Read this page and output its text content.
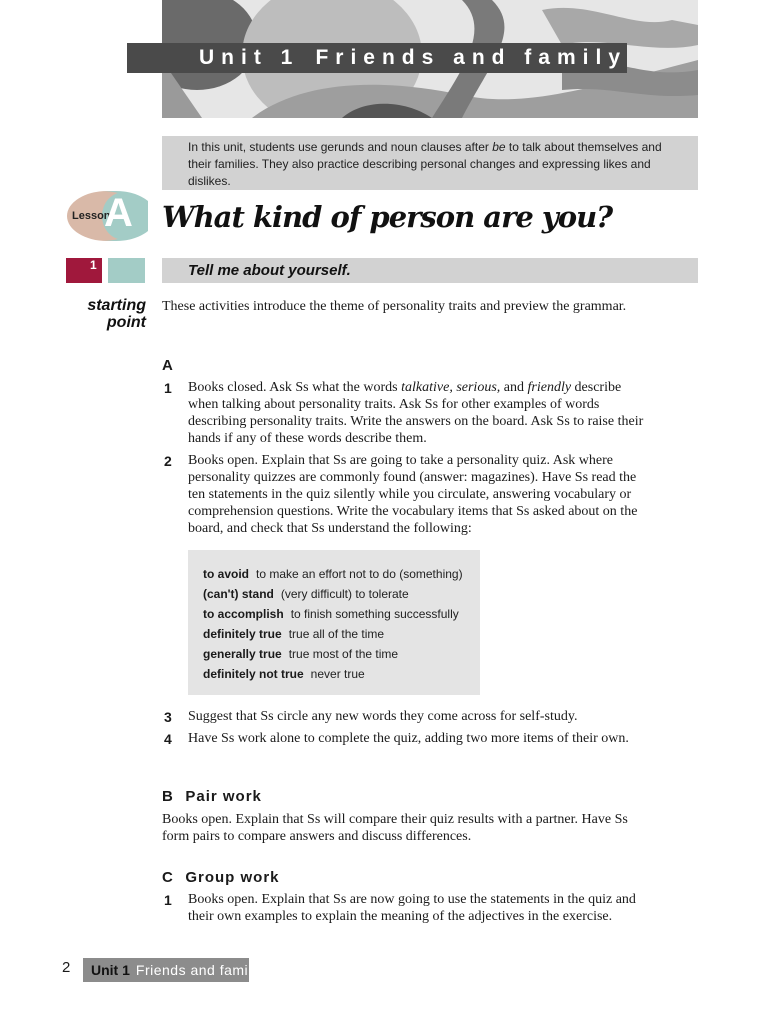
Unit 1 Friends and family
In this unit, students use gerunds and noun clauses after be to talk about themselves and their families. They also practice describing personal changes and expressing likes and dislikes.
Lesson
A What kind of person are you?
1	Tell me about yourself.
starting
point
These activities introduce the theme of personality traits and preview the grammar.
A
1 Books closed. Ask Ss what the words talkative, serious, and friendly describe when talking about personality traits. Ask Ss for other examples of words describing personality traits. Write the answers on the board. Ask Ss to raise their hands if any of these words describe them.
2 Books open. Explain that Ss are going to take a personality quiz. Ask where personality quizzes are commonly found (answer: magazines). Have Ss read the ten statements in the quiz silently while you circulate, answering vocabulary or comprehension questions. Write the vocabulary items that Ss asked about on the board, and check that Ss understand the following:
to avoid to make an effort not to do (something)
(can't) stand (very difficult) to tolerate
to accomplish to finish something successfully
definitely true true all of the time
generally true true most of the time
definitely not true never true
3 Suggest that Ss circle any new words they come across for self-study.
4 Have Ss work alone to complete the quiz, adding two more items of their own.
B Pair work
Books open. Explain that Ss will compare their quiz results with a partner. Have Ss form pairs to compare answers and discuss differences.
C Group work
1 Books open. Explain that Ss are now going to use the statements in the quiz and their own examples to explain the meaning of the adjectives in the exercise.
2 Unit 1 Friends and family
